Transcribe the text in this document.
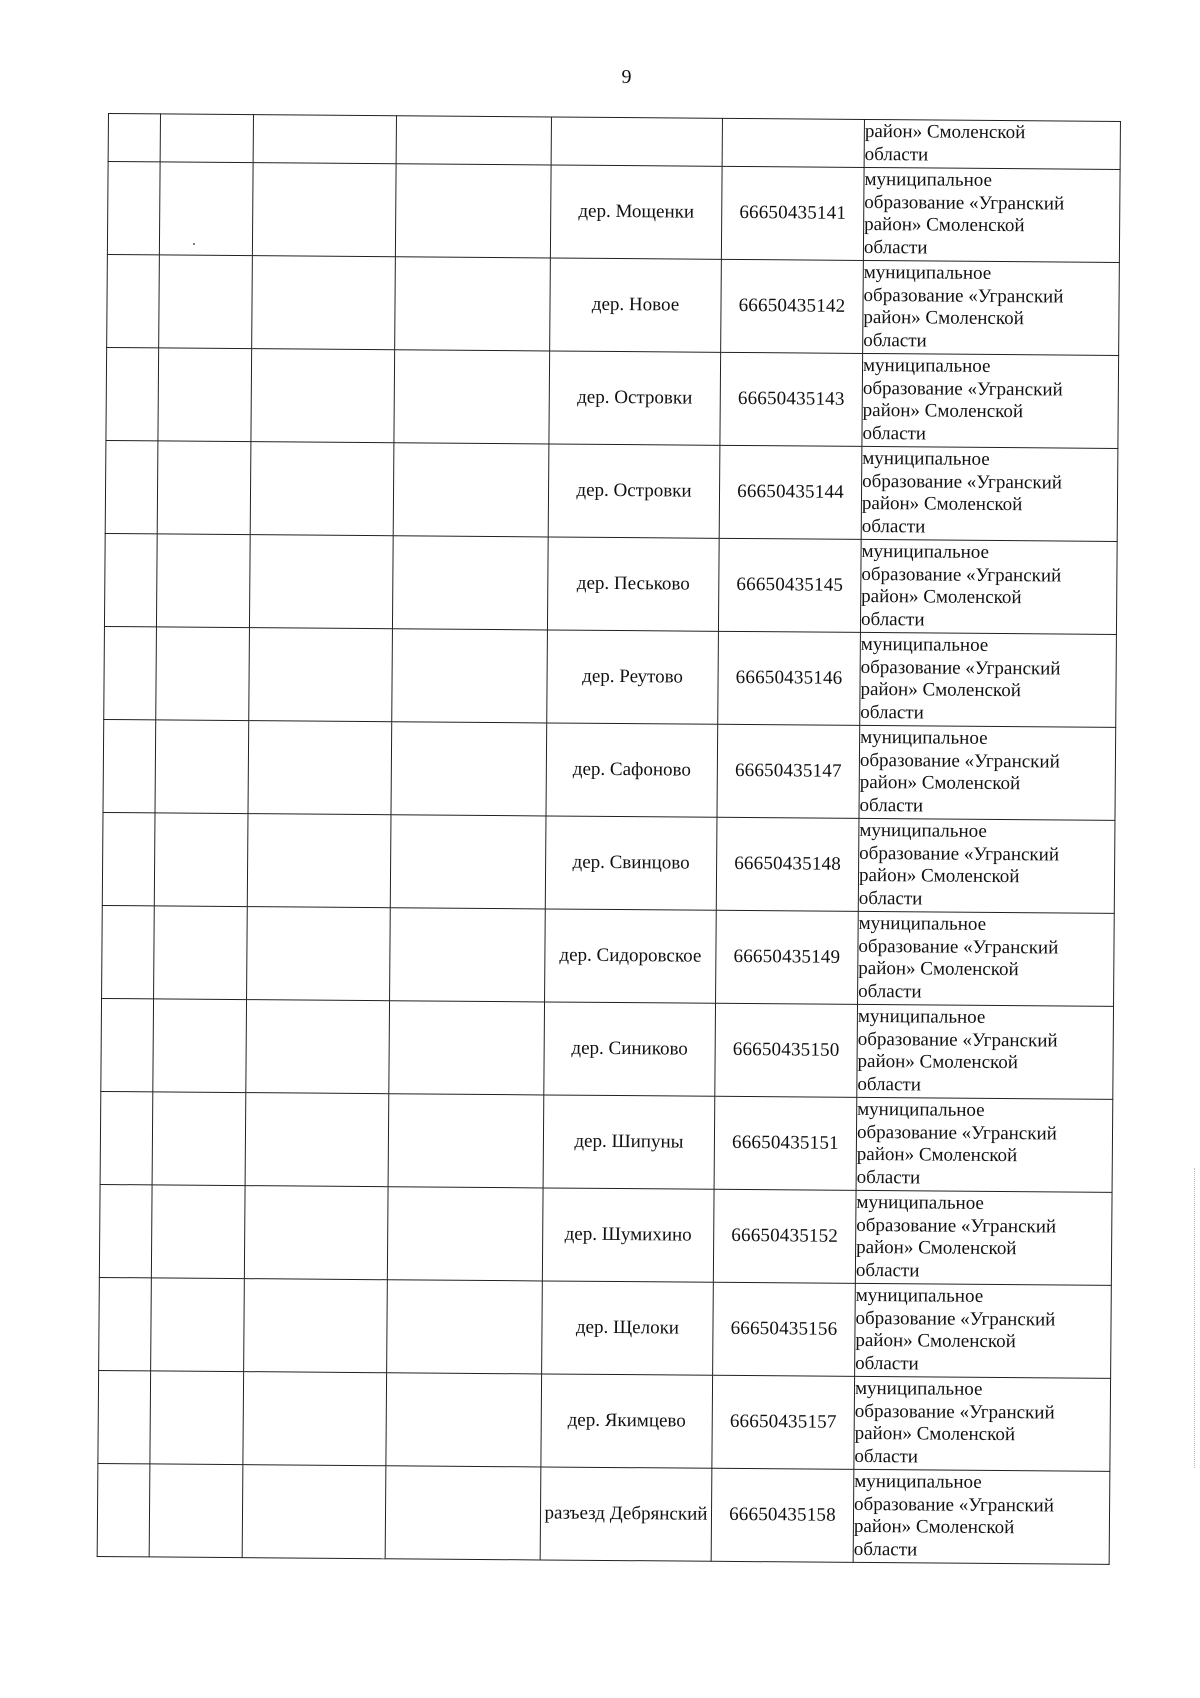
9

						район» Смоленской
области

				дер. Мощенки	66650435141	муниципальное
образование «Угранский
район» Смоленской
области

				дер. Новое	66650435142	муниципальное
образование «Угранский
район» Смоленской
области

				дер. Островки	66650435143	муниципальное
образование «Угранский
район» Смоленской
области

				дер. Островки	66650435144	муниципальное
образование «Угранский
район» Смоленской
области

				дер. Песьково	66650435145	муниципальное
образование «Угранский
район» Смоленской
области

				дер. Реутово	66650435146	муниципальное
образование «Угранский
район» Смоленской
области

				дер. Сафоново	66650435147	муниципальное
образование «Угранский
район» Смоленской
области

				дер. Свинцово	66650435148	муниципальное
образование «Угранский
район» Смоленской
области

				дер. Сидоровское	66650435149	муниципальное
образование «Угранский
район» Смоленской
области

				дер. Синиково	66650435150	муниципальное
образование «Угранский
район» Смоленской
области

				дер. Шипуны	66650435151	муниципальное
образование «Угранский
район» Смоленской
области

				дер. Шумихино	66650435152	муниципальное
образование «Угранский
район» Смоленской
области

				дер. Щелоки	66650435156	муниципальное
образование «Угранский
район» Смоленской
области

				дер. Якимцево	66650435157	муниципальное
образование «Угранский
район» Смоленской
области

				разъезд Дебрянский	66650435158	муниципальное
образование «Угранский
район» Смоленской
области
